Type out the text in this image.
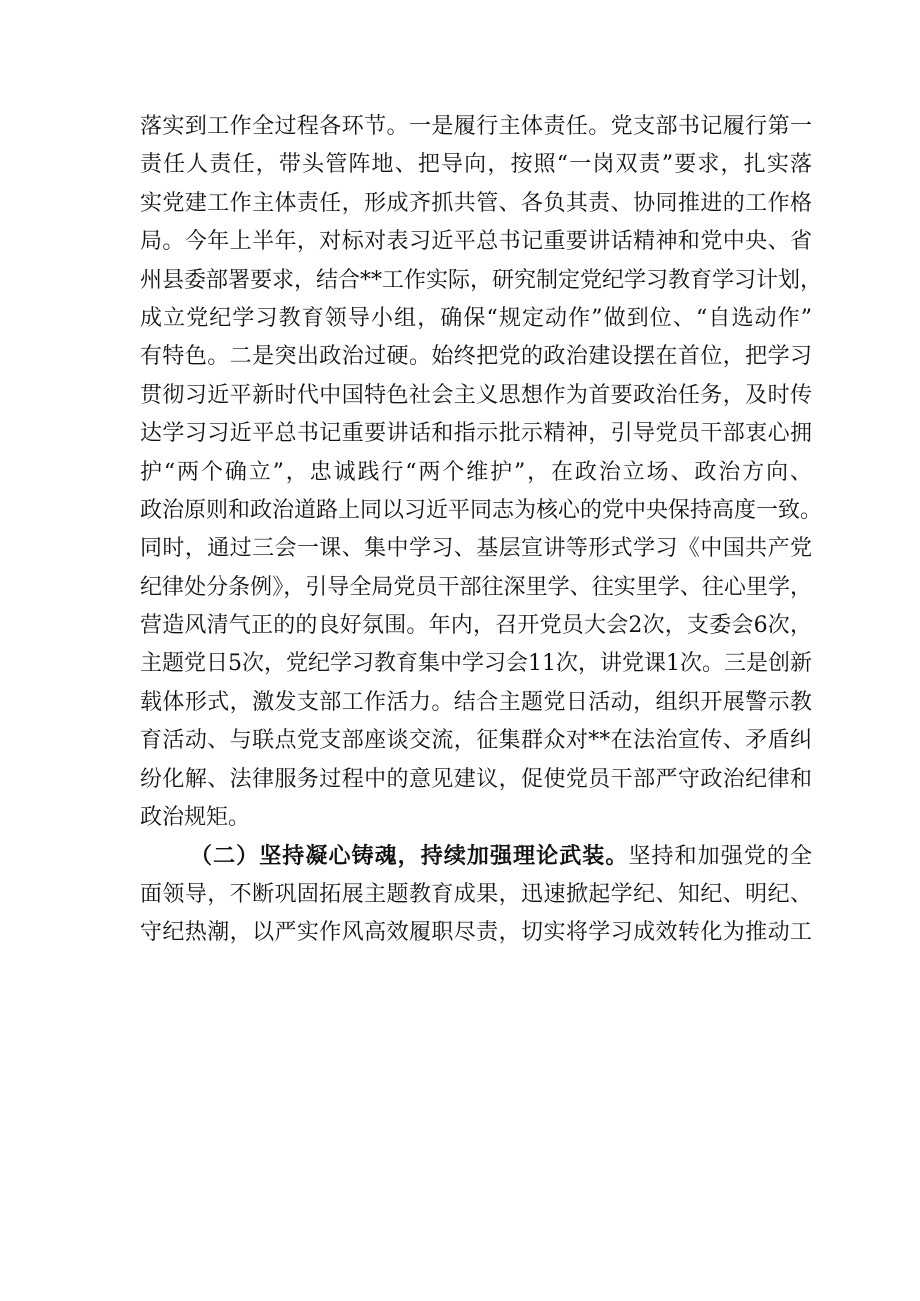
落实到工作全过程各环节。一是履行主体责任。党支部书记履行第一
责任人责任，带头管阵地、把导向，按照“一岗双责”要求，扎实落
实党建工作主体责任，形成齐抓共管、各负其责、协同推进的工作格
局。今年上半年，对标对表习近平总书记重要讲话精神和党中央、省
州县委部署要求，结合**工作实际，研究制定党纪学习教育学习计划，
成立党纪学习教育领导小组，确保“规定动作”做到位、“自选动作”
有特色。二是突出政治过硬。始终把党的政治建设摆在首位，把学习
贯彻习近平新时代中国特色社会主义思想作为首要政治任务，及时传
达学习习近平总书记重要讲话和指示批示精神，引导党员干部衷心拥
护“两个确立”，忠诚践行“两个维护”，在政治立场、政治方向、
政治原则和政治道路上同以习近平同志为核心的党中央保持高度一致。
同时，通过三会一课、集中学习、基层宣讲等形式学习《中国共产党
纪律处分条例》，引导全局党员干部往深里学、往实里学、往心里学，
营造风清气正的的良好氛围。年内，召开党员大会2次，支委会6次，
主题党日5次，党纪学习教育集中学习会11次，讲党课1次。三是创新
载体形式，激发支部工作活力。结合主题党日活动，组织开展警示教
育活动、与联点党支部座谈交流，征集群众对**在法治宣传、矛盾纠
纷化解、法律服务过程中的意见建议，促使党员干部严守政治纪律和
政治规矩。
（二）坚持凝心铸魂，持续加强理论武装。坚持和加强党的全
面领导，不断巩固拓展主题教育成果，迅速掀起学纪、知纪、明纪、
守纪热潮，以严实作风高效履职尽责，切实将学习成效转化为推动工
